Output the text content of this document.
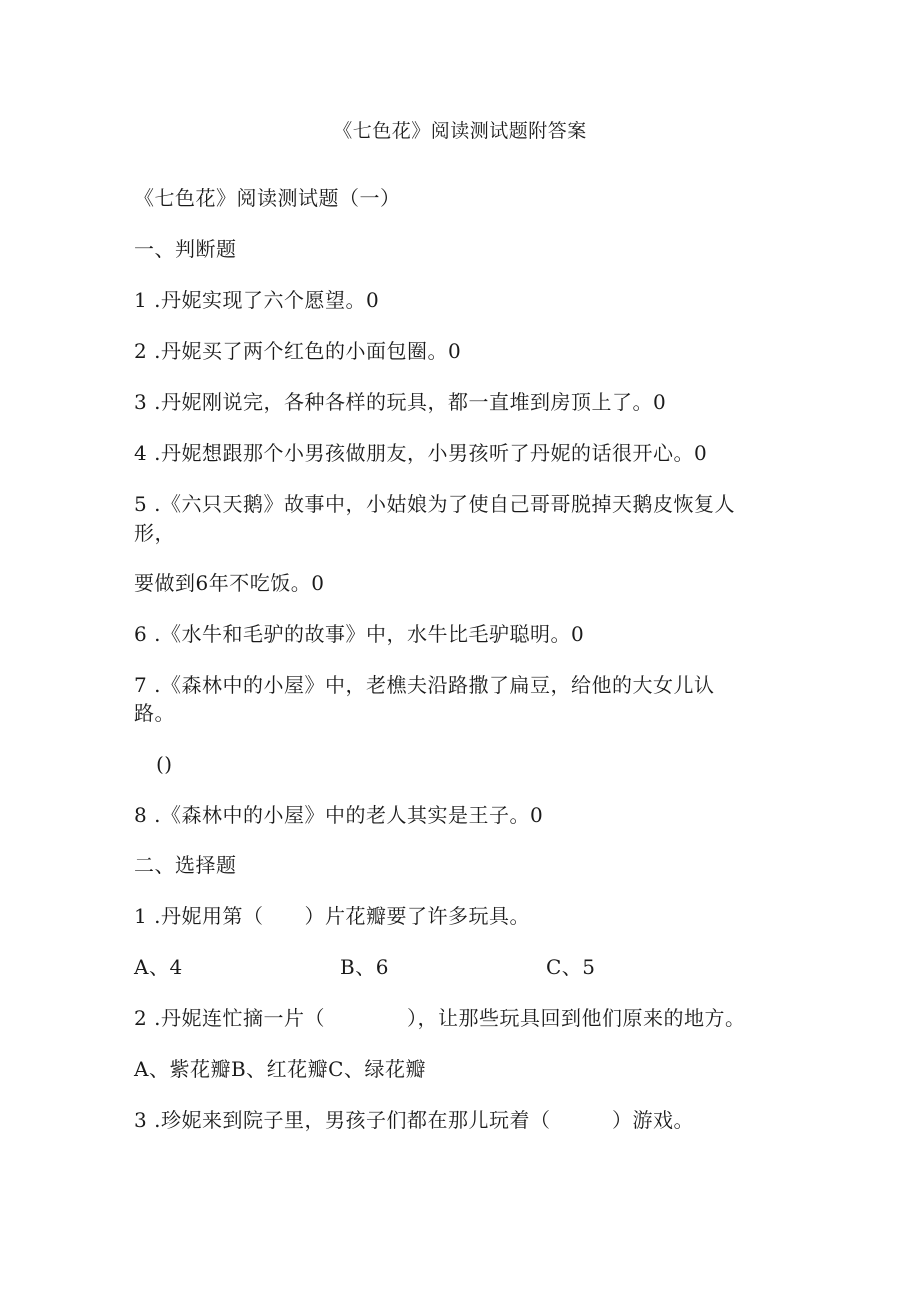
《七色花》阅读测试题附答案
《七色花》阅读测试题（一）
一、判断题
1 .丹妮实现了六个愿望。0
2 .丹妮买了两个红色的小面包圈。0
3 .丹妮刚说完，各种各样的玩具，都一直堆到房顶上了。0
4 .丹妮想跟那个小男孩做朋友，小男孩听了丹妮的话很开心。0
5 .《六只天鹅》故事中，小姑娘为了使自己哥哥脱掉天鹅皮恢复人
形，
要做到6年不吃饭。0
6 .《水牛和毛驴的故事》中，水牛比毛驴聪明。0
7 .《森林中的小屋》中，老樵夫沿路撒了扁豆，给他的大女儿认
路。
()
8 .《森林中的小屋》中的老人其实是王子。0
二、选择题
1 .丹妮用第（　　）片花瓣要了许多玩具。
A、4	B、6	C、5
2 .丹妮连忙摘一片（　　　　），让那些玩具回到他们原来的地方。
A、紫花瓣B、红花瓣C、绿花瓣
3 .珍妮来到院子里，男孩子们都在那儿玩着（　　　）游戏。
